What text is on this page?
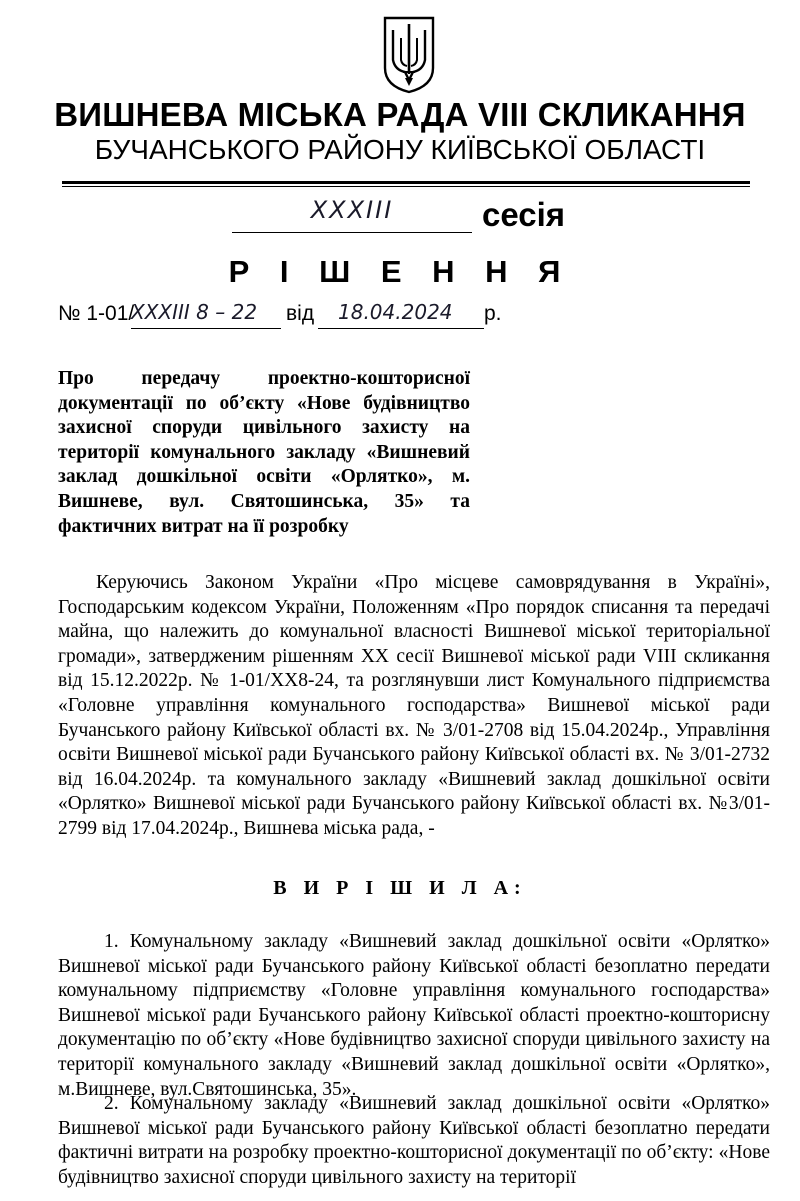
ВИШНЕВА МІСЬКА РАДА VIII СКЛИКАННЯ
БУЧАНСЬКОГО РАЙОНУ КИЇВСЬКОЇ ОБЛАСТІ
XXXIII	сесія
Р І Ш Е Н Н Я
№ 1-01/
XXXIII 8 – 22 від 18.04.2024 р.

Про передачу проектно-кошторисної документації по об’єкту «Нове будівництво захисної споруди цивільного захисту на території комунального закладу «Вишневий заклад дошкільної освіти «Орлятко», м. Вишневе, вул. Святошинська, 35» та фактичних витрат на її розробку

Керуючись Законом України «Про місцеве самоврядування в Україні», Господарським кодексом України, Положенням «Про порядок списання та передачі майна, що належить до комунальної власності Вишневої міської територіальної громади», затвердженим рішенням ХХ сесії Вишневої міської ради VIII скликання від 15.12.2022р. № 1-01/ХХ8-24, та розглянувши лист Комунального підприємства «Головне управління комунального господарства» Вишневої міської ради Бучанського району Київської області вх. № 3/01-2708 від 15.04.2024р., Управління освіти Вишневої міської ради Бучанського району Київської області вх. № 3/01-2732 від 16.04.2024р. та комунального закладу «Вишневий заклад дошкільної освіти «Орлятко» Вишневої міської ради Бучанського району Київської області вх. №3/01-2799 від 17.04.2024р., Вишнева міська рада, -

В И Р І Ш И Л А:

1. Комунальному закладу «Вишневий заклад дошкільної освіти «Орлятко» Вишневої міської ради Бучанського району Київської області безоплатно передати комунальному підприємству «Головне управління комунального господарства» Вишневої міської ради Бучанського району Київської області проектно-кошторисну документацію по об’єкту «Нове будівництво захисної споруди цивільного захисту на території комунального закладу «Вишневий заклад дошкільної освіти «Орлятко», м.Вишневе, вул.Святошинська, 35».

2. Комунальному закладу «Вишневий заклад дошкільної освіти «Орлятко» Вишневої міської ради Бучанського району Київської області безоплатно передати фактичні витрати на розробку проектно-кошторисної документації по об’єкту: «Нове будівництво захисної споруди цивільного захисту на території
